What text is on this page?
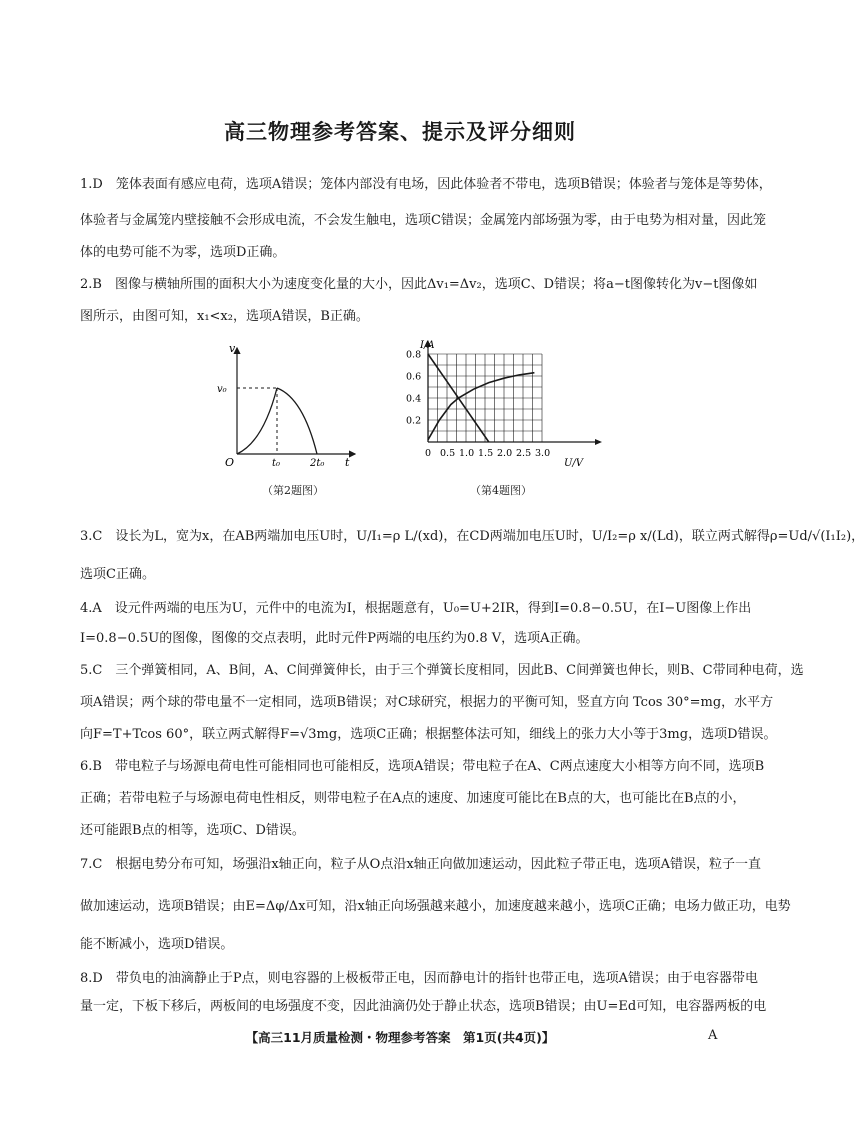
高三物理参考答案、提示及评分细则
1.D　笼体表面有感应电荷，选项A错误；笼体内部没有电场，因此体验者不带电，选项B错误；体验者与笼体是等势体，
体验者与金属笼内壁接触不会形成电流，不会发生触电，选项C错误；金属笼内部场强为零，由于电势为相对量，因此笼
体的电势可能不为零，选项D正确。
2.B　图像与横轴所围的面积大小为速度变化量的大小，因此Δv₁=Δv₂，选项C、D错误；将a−t图像转化为v−t图像如
图所示，由图可知，x₁<x₂，选项A错误，B正确。
v
v₀
O	t₀	2t₀ t
（第2题图）
0.8
0.6
0.4
0.2
0 0.5 1.0 1.5 2.0 2.5 3.0
I/A
U/V
（第4题图）
3.C　设长为L，宽为x，在AB两端加电压U时，U/I₁=ρ L/(xd)，在CD两端加电压U时，U/I₂=ρ x/(Ld)，联立两式解得ρ=Ud/√(I₁I₂)，
选项C正确。
4.A　设元件两端的电压为U，元件中的电流为I，根据题意有，U₀=U+2IR，得到I=0.8−0.5U，在I−U图像上作出
I=0.8−0.5U的图像，图像的交点表明，此时元件P两端的电压约为0.8 V，选项A正确。
5.C　三个弹簧相同，A、B间，A、C间弹簧伸长，由于三个弹簧长度相同，因此B、C间弹簧也伸长，则B、C带同种电荷，选
项A错误；两个球的带电量不一定相同，选项B错误；对C球研究，根据力的平衡可知，竖直方向 Tcos 30°=mg，水平方
向F=T+Tcos 60°，联立两式解得F=√3mg，选项C正确；根据整体法可知，细线上的张力大小等于3mg，选项D错误。
6.B　带电粒子与场源电荷电性可能相同也可能相反，选项A错误；带电粒子在A、C两点速度大小相等方向不同，选项B
正确；若带电粒子与场源电荷电性相反，则带电粒子在A点的速度、加速度可能比在B点的大，也可能比在B点的小，
还可能跟B点的相等，选项C、D错误。
7.C　根据电势分布可知，场强沿x轴正向，粒子从O点沿x轴正向做加速运动，因此粒子带正电，选项A错误，粒子一直
做加速运动，选项B错误；由E=Δφ/Δx可知，沿x轴正向场强越来越小，加速度越来越小，选项C正确；电场力做正功，电势
能不断减小，选项D错误。
8.D　带负电的油滴静止于P点，则电容器的上极板带正电，因而静电计的指针也带正电，选项A错误；由于电容器带电
量一定，下板下移后，两板间的电场强度不变，因此油滴仍处于静止状态，选项B错误；由U=Ed可知，电容器两板的电
【高三11月质量检测・物理参考答案　第1页(共4页)】	A
